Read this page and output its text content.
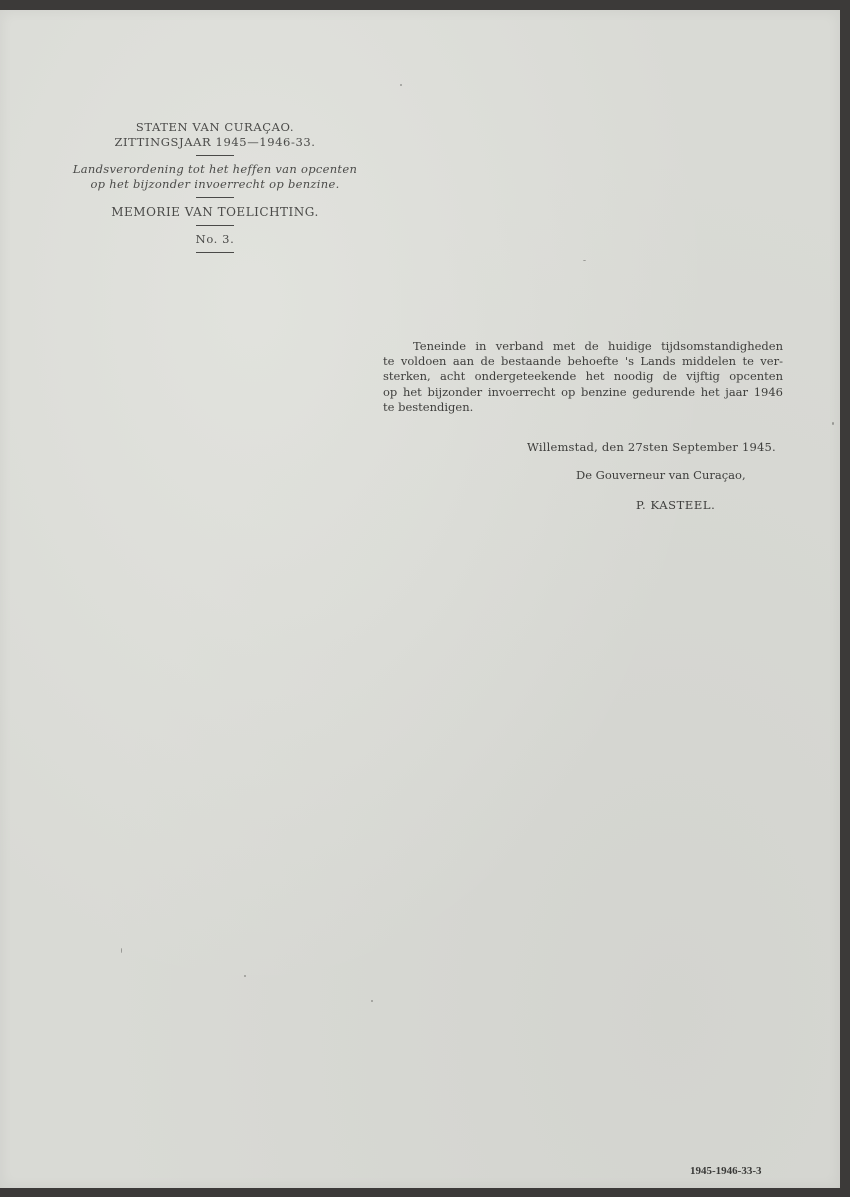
STATEN VAN CURAÇAO.

ZITTINGSJAAR 1945—1946-33.

Landsverordening tot het heffen van opcenten

op het bijzonder invoerrecht op benzine.

MEMORIE VAN TOELICHTING.

No. 3.

Teneinde in verband met de huidige tijdsomstandigheden
te voldoen aan de bestaande behoefte 's Lands middelen te ver-
sterken, acht ondergeteekende het noodig de vijftig opcenten
op het bijzonder invoerrecht op benzine gedurende het jaar 1946
te bestendigen.

Willemstad, den 27sten September 1945.
De Gouverneur van Curaçao,
P. KASTEEL.
1945-1946-33-3
